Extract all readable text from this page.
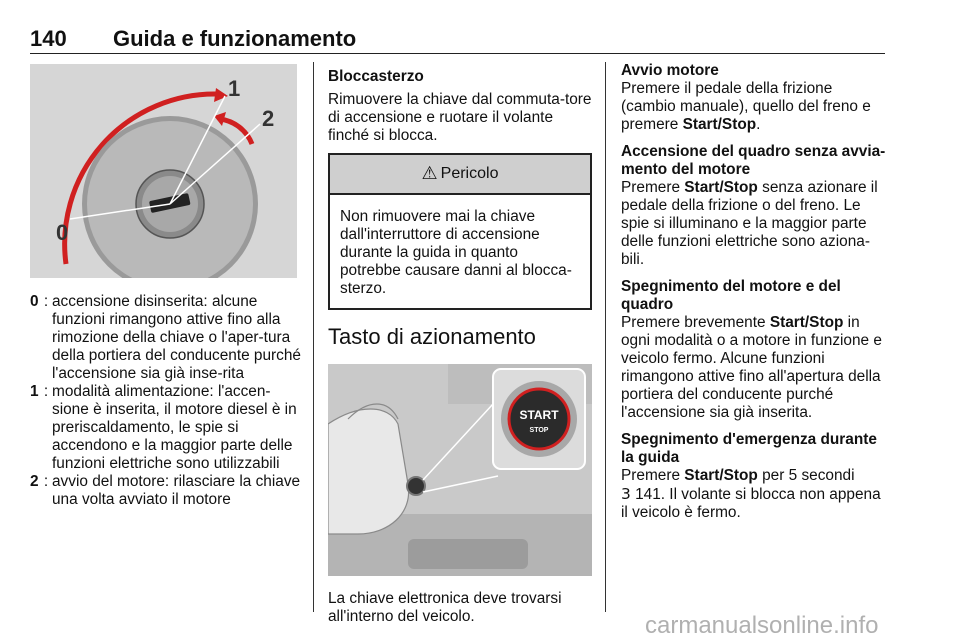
140 Guida e funzionamento
1
2
0
0 : accensione disinserita: alcune funzioni rimangono attive fino alla rimozione della chiave o l'aper-tura della portiera del conducente purché l'accensione sia già inse-rita
1 : modalità alimentazione: l'accen-sione è inserita, il motore diesel è in preriscaldamento, le spie si accendono e la maggior parte delle funzioni elettriche sono utilizzabili
2 : avvio del motore: rilasciare la chiave una volta avviato il motore
Bloccasterzo

Rimuovere la chiave dal commuta-tore di accensione e ruotare il volante finché si blocca.

⚠ Pericolo
Non rimuovere mai la chiave dall'interruttore di accensione durante la guida in quanto potrebbe causare danni al blocca-sterzo.
Tasto di azionamento
START
STOP

La chiave elettronica deve trovarsi all'interno del veicolo.

Avvio motore
Premere il pedale della frizione (cambio manuale), quello del freno e premere Start/Stop.
Accensione del quadro senza avvia-mento del motore
Premere Start/Stop senza azionare il pedale della frizione o del freno. Le spie si illuminano e la maggior parte delle funzioni elettriche sono aziona-bili.
Spegnimento del motore e del quadro
Premere brevemente Start/Stop in ogni modalità o a motore in funzione e veicolo fermo. Alcune funzioni rimangono attive fino all'apertura della portiera del conducente purché l'accensione sia già inserita.
Spegnimento d'emergenza durante la guida
Premere Start/Stop per 5 secondi
3 141. Il volante si blocca non appena il veicolo è fermo.
carmanualsonline.info
